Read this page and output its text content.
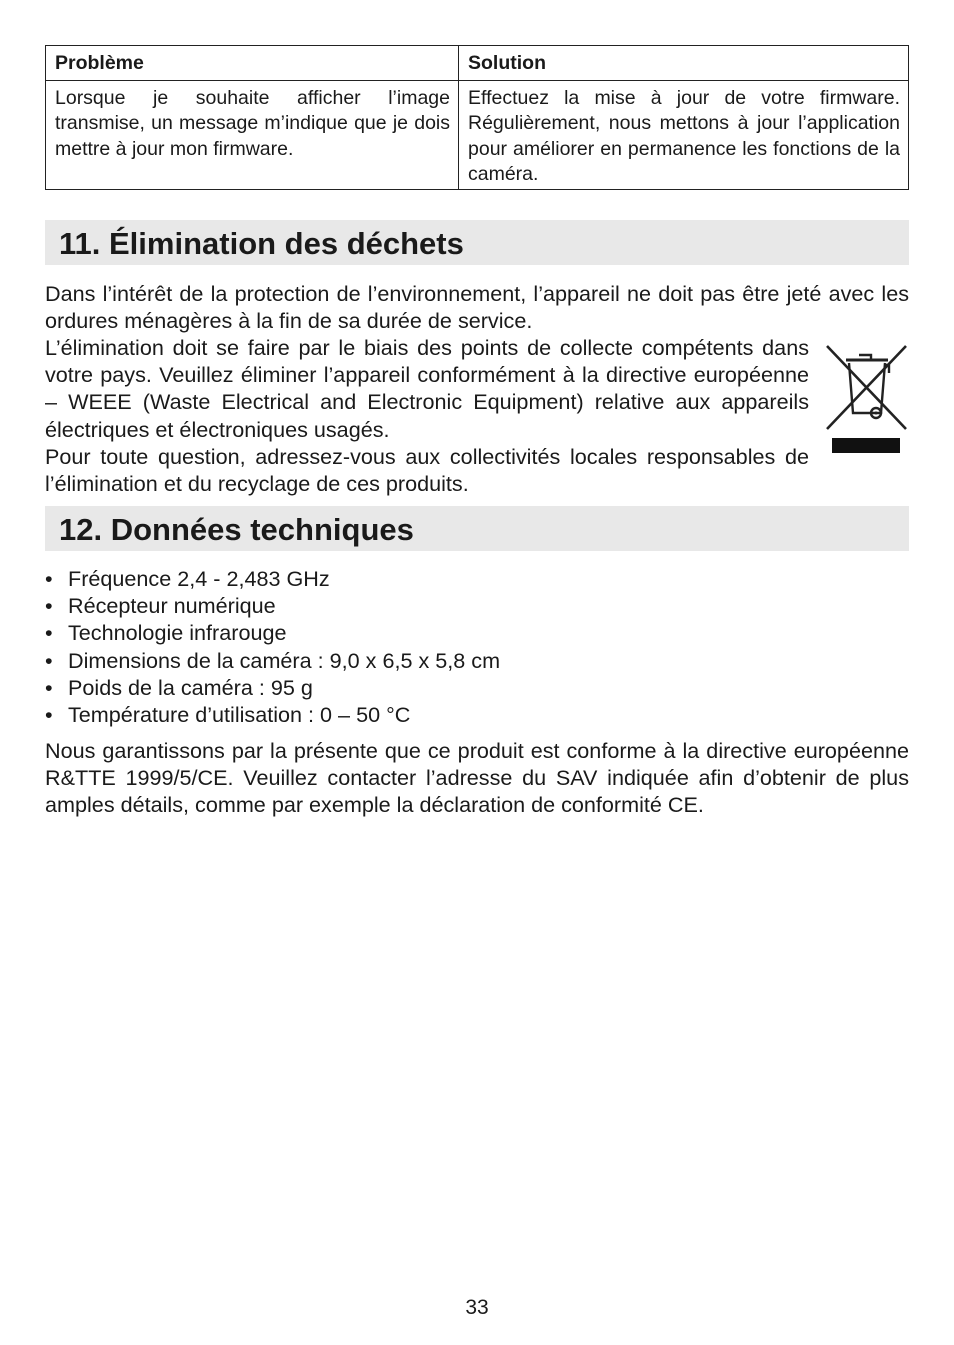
Problème	Solution
Lorsque je souhaite afficher l’image transmise, un message m’indique que je dois mettre à jour mon firmware.	Effectuez la mise à jour de votre firmware. Régulièrement, nous mettons à jour l’application pour améliorer en permanence les fonctions de la caméra.
11. Élimination des déchets

Dans l’intérêt de la protection de l’environnement, l’appareil ne doit pas être jeté avec les ordures ménagères à la fin de sa durée de service.

L’élimination doit se faire par le biais des points de collecte compétents dans votre pays. Veuillez éliminer l’appareil conformément à la directive européenne – WEEE (Waste Electrical and Electronic Equipment) relative aux appareils électriques et électroniques usagés.

Pour toute question, adressez-vous aux collectivités locales responsables de l’élimination et du recyclage de ces produits.

12. Données techniques
• Fréquence 2,4 - 2,483 GHz
• Récepteur numérique
• Technologie infrarouge
• Dimensions de la caméra : 9,0 x 6,5 x 5,8 cm
• Poids de la caméra : 95 g
• Température d’utilisation : 0 – 50 °C

Nous garantissons par la présente que ce produit est conforme à la directive européenne R&TTE 1999/5/CE. Veuillez contacter l’adresse du SAV indiquée afin d’obtenir de plus amples détails, comme par exemple la déclaration de conformité CE.

33
